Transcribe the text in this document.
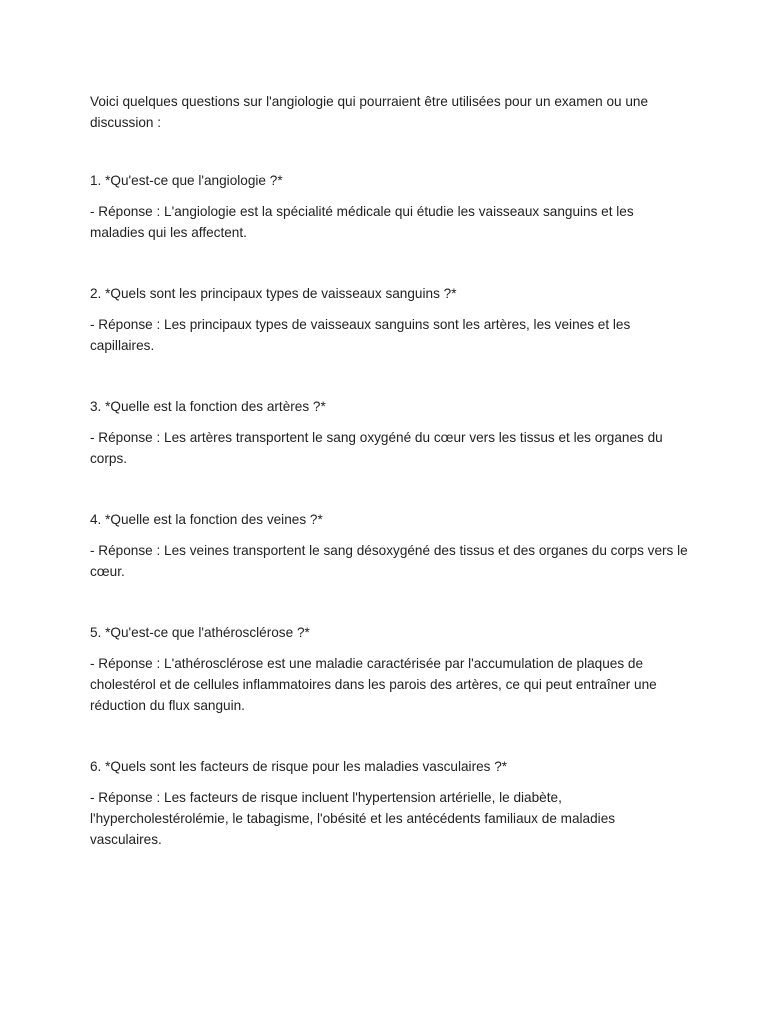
Voici quelques questions sur l'angiologie qui pourraient être utilisées pour un examen ou une discussion :

1. *Qu'est-ce que l'angiologie ?*

- Réponse : L'angiologie est la spécialité médicale qui étudie les vaisseaux sanguins et les maladies qui les affectent.

2. *Quels sont les principaux types de vaisseaux sanguins ?*

- Réponse : Les principaux types de vaisseaux sanguins sont les artères, les veines et les capillaires.

3. *Quelle est la fonction des artères ?*

- Réponse : Les artères transportent le sang oxygéné du cœur vers les tissus et les organes du corps.

4. *Quelle est la fonction des veines ?*

- Réponse : Les veines transportent le sang désoxygéné des tissus et des organes du corps vers le cœur.

5. *Qu'est-ce que l'athérosclérose ?*

- Réponse : L'athérosclérose est une maladie caractérisée par l'accumulation de plaques de cholestérol et de cellules inflammatoires dans les parois des artères, ce qui peut entraîner une réduction du flux sanguin.

6. *Quels sont les facteurs de risque pour les maladies vasculaires ?*

- Réponse : Les facteurs de risque incluent l'hypertension artérielle, le diabète, l'hypercholestérolémie, le tabagisme, l'obésité et les antécédents familiaux de maladies vasculaires.
